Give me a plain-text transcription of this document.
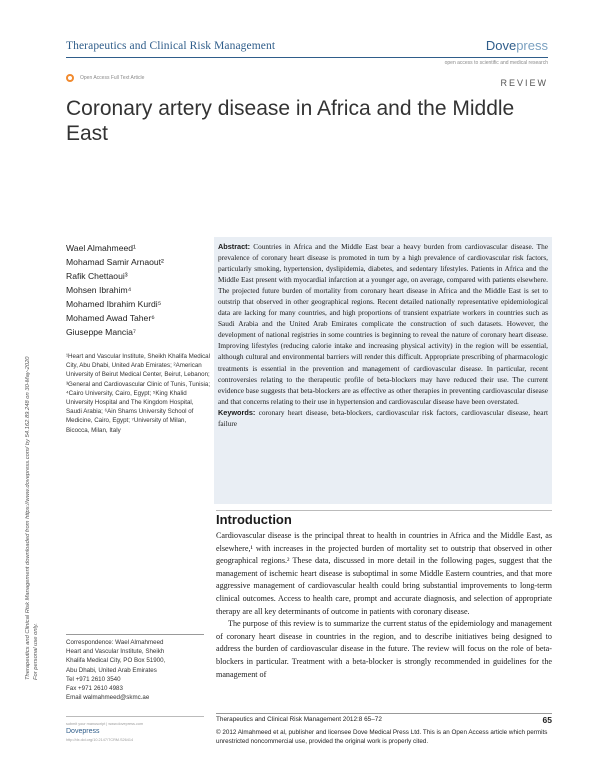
Therapeutics and Clinical Risk Management	Dovepress
open access to scientific and medical research
Open Access Full Text Article	REVIEW
Coronary artery disease in Africa and the Middle East
Therapeutics and Clinical Risk Management downloaded from https://www.dovepress.com/ by 54.162.89.248 on 30-May-2020 For personal use only.
Wael Almahmeed¹
Mohamad Samir Arnaout²
Rafik Chettaoui³
Mohsen Ibrahim⁴
Mohamed Ibrahim Kurdi⁵
Mohamed Awad Taher⁶
Giuseppe Mancia⁷
¹Heart and Vascular Institute, Sheikh Khalifa Medical City, Abu Dhabi, United Arab Emirates; ²American University of Beirut Medical Center, Beirut, Lebanon; ³General and Cardiovascular Clinic of Tunis, Tunisia; ⁴Cairo University, Cairo, Egypt; ⁵King Khalid University Hospital and The Kingdom Hospital, Saudi Arabia; ⁶Ain Shams University School of Medicine, Cairo, Egypt; ⁷University of Milan, Bicocca, Milan, Italy
Correspondence: Wael Almahmeed
Heart and Vascular Institute, Sheikh
Khalifa Medical City, PO Box 51900,
Abu Dhabi, United Arab Emirates
Tel +971 2610 3540
Fax +971 2610 4983
Email walmahmeed@skmc.ae
Abstract: Countries in Africa and the Middle East bear a heavy burden from cardiovascular disease. The prevalence of coronary heart disease is promoted in turn by a high prevalence of cardiovascular risk factors, particularly smoking, hypertension, dyslipidemia, diabetes, and sedentary lifestyles. Patients in Africa and the Middle East present with myocardial infarction at a younger age, on average, compared with patients elsewhere. The projected future burden of mortality from coronary heart disease in Africa and the Middle East is set to outstrip that observed in other geographical regions. Recent detailed nationally representative epidemiological data are lacking for many countries, and high proportions of transient expatriate workers in countries such as Saudi Arabia and the United Arab Emirates complicate the construction of such datasets. However, the development of national registries in some countries is beginning to reveal the nature of coronary heart disease. Improving lifestyles (reducing calorie intake and increasing physical activity) in the region will be essential, although cultural and environmental barriers will render this difficult. Appropriate prescribing of pharmacologic treatments is essential in the prevention and management of cardiovascular disease. In particular, recent controversies relating to the therapeutic profile of beta-blockers may have reduced their use. The current evidence base suggests that beta-blockers are as effective as other therapies in preventing cardiovascular disease and that concerns relating to their use in hypertension and cardiovascular disease have been overstated.
Keywords: coronary heart disease, beta-blockers, cardiovascular risk factors, cardiovascular disease, heart failure
Introduction

Cardiovascular disease is the principal threat to health in countries in Africa and the Middle East, as elsewhere,¹ with increases in the projected burden of mortality set to outstrip that observed in other geographical regions.² These data, discussed in more detail in the following pages, suggest that the management of ischemic heart disease is suboptimal in some Middle Eastern countries, and that more aggressive management of cardiovascular health could bring substantial improvements to long-term clinical outcomes. Access to health care, prompt and accurate diagnosis, and selection of appropriate therapy are all key determinants of outcome in patients with coronary disease.

The purpose of this review is to summarize the current status of the epidemiology and management of coronary heart disease in countries in the region, and to describe initiatives being designed to address the burden of cardiovascular disease in the future. The review will focus on the role of beta-blockers in particular. Treatment with a beta-blocker is strongly recommended in guidelines for the management of

submit your manuscript | www.dovepress.com
Dovepress
http://dx.doi.org/10.2147/TCRM.S26414
Therapeutics and Clinical Risk Management 2012:8 65–72	65
© 2012 Almahmeed et al, publisher and licensee Dove Medical Press Ltd. This is an Open Access article which permits unrestricted noncommercial use, provided the original work is properly cited.
